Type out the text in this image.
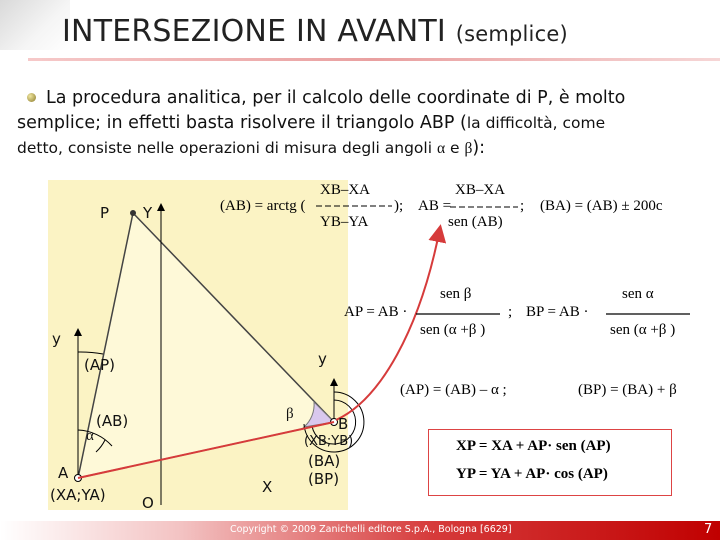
INTERSEZIONE IN AVANTI (semplice)
La procedura analitica, per il calcolo delle coordinate di P, è molto
semplice; in effetti basta risolvere il triangolo ABP (la difficoltà, come
detto, consiste nelle operazioni di misura degli angoli α e β):
P Y
y
(AP)
(AB)
α
A
(XA;YA) O
X
B
y
β
(XB;YB)
(BA)
(BP)
(AB) = arctg (
XB–XA
YB–YA
); AB =
XB–XA
sen (AB)
; (BA) = (AB) ± 200c
AP = AB ·
sen β
sen (α +β )
; BP = AB ·
sen α
sen (α +β )
(AP) = (AB) – α ;	(BP) = (BA) + β
XP = XA + AP· sen (AP)
YP = YA + AP· cos (AP)
Copyright © 2009 Zanichelli editore S.p.A., Bologna [6629]	7
